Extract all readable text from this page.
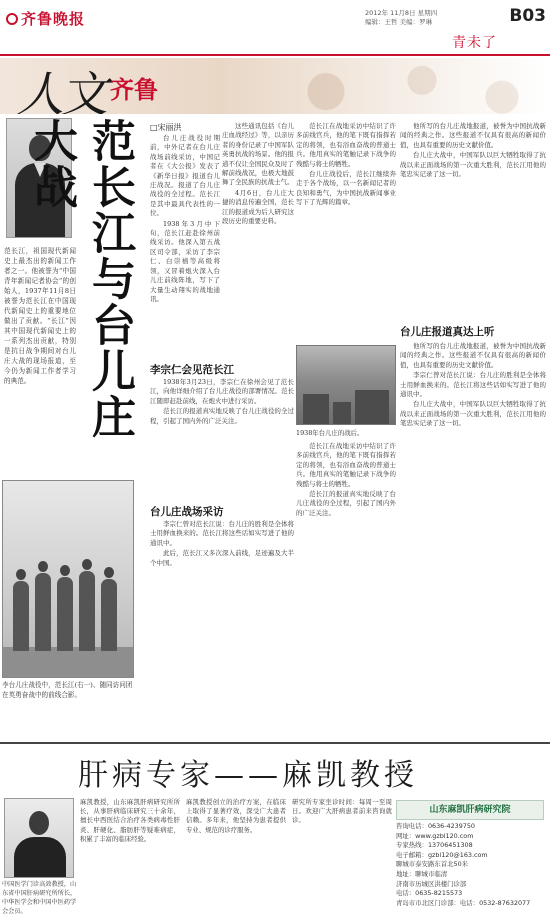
齐鲁晚报	2012年 11月8日 星期四
编辑：王哲 美编：罗琳	B03
青未了
人文 齐鲁
范长江与台儿庄大战
范长江，祖国现代新闻史上最杰出的新闻工作者之一。他被誉为“中国青年新闻记者协会”的创始人，1937年11月8日被誉为范长江在中国现代新闻史上的重要地位做出了贡献。“长江”因其中国现代新闻史上的一系列杰出贡献，特别是抗日战争期间对台儿庄大战的现场报道，至今仍为新闻工作者学习的典范。
李台儿庄战役中，范长江(右一)、随同访问团在英勇奋战中的前线合影。
□宋丽洪

台儿庄战役时期前，中外记者在台儿庄战场前线采访，中国记者在《大公报》发表了《新华日报》报道台儿庄战况。报道了台儿庄战役的全过程。范长江是其中最具代表性的一位。

1938年3月中下旬，范长江赶赴徐州前线采访。他深入第五战区司令部，采访了李宗仁、白崇禧等高级将领，又冒着炮火深入台儿庄前线阵地，写下了大量生动翔实的战地通讯。

这些通讯包括《台儿庄血战经过》等，以亲历者的身份记录了中国军队英勇抗战的场景。他的报道不仅让全国民众及时了解前线战况，也极大地鼓舞了全民族的抗战士气。

4月6日，台儿庄大捷的消息传遍全国，范长江的报道成为后人研究这段历史的重要史料。

范长江在战地采访中结识了许多前线官兵，他的笔下既有指挥若定的将领，也有浴血奋战的普通士兵。他用真实的笔触记录下战争的残酷与将士的牺牲。

台儿庄战役后，范长江继续奔走于各个战场，以一名新闻记者的良知和勇气，为中国抗战新闻事业写下了光辉的篇章。

他所写的台儿庄战地报道，被誉为中国抗战新闻的经典之作。这些报道不仅具有很高的新闻价值，也具有重要的历史文献价值。

台儿庄大战中，中国军队以巨大牺牲取得了抗战以来正面战场的第一次重大胜利，范长江用他的笔忠实记录了这一切。

李宗仁会见范长江

1938年3月23日，李宗仁在徐州会见了范长江，向他详细介绍了台儿庄战役的部署情况。范长江随即赶赴前线，在炮火中进行采访。

范长江的报道真实地反映了台儿庄战役的全过程，引起了国内外的广泛关注。

1938年台儿庄的战后。
台儿庄报道真达上听
台儿庄战场采访

李宗仁曾对范长江说：台儿庄的胜利是全体将士用鲜血换来的。范长江将这些话如实写进了他的通讯中。

此后，范长江又多次深入前线，足迹遍及大半个中国。

范长江在战地采访中结识了许多前线官兵，他的笔下既有指挥若定的将领，也有浴血奋战的普通士兵。他用真实的笔触记录下战争的残酷与将士的牺牲。

范长江的报道真实地反映了台儿庄战役的全过程，引起了国内外的广泛关注。

他所写的台儿庄战地报道，被誉为中国抗战新闻的经典之作。这些报道不仅具有很高的新闻价值，也具有重要的历史文献价值。

李宗仁曾对范长江说：台儿庄的胜利是全体将士用鲜血换来的。范长江将这些话如实写进了他的通讯中。

台儿庄大战中，中国军队以巨大牺牲取得了抗战以来正面战场的第一次重大胜利，范长江用他的笔忠实记录了这一切。

肝病专家——麻凯教授
中国医学门诊高效教授，山东省中国肝病研究所所长，中华医学会和中国中医药学会会员。
麻凯教授，山东麻凯肝病研究所所长，从事肝病临床研究三十余年，擅长中西医结合治疗各类病毒性肝炎、肝硬化、脂肪肝等疑难病症，积累了丰富的临床经验。
麻凯教授创立的治疗方案，在临床上取得了显著疗效，深受广大患者信赖。多年来，他坚持为患者提供专业、规范的诊疗服务。
研究所专家坐诊时间：每周一至周日。欢迎广大肝病患者前来咨询就诊。
山东麻凯肝病研究院
咨询电话：0636-4239750
网址：www.gzbl120.com
专家热线：13706451308
电子邮箱：gzbl120@163.com
聊城市泰安路东首北50米
地址：聊城市临清
济南市历城区洪楼门诊部
电话：0635-8215573
青岛市市北区门诊部：电话：0532-87632077
